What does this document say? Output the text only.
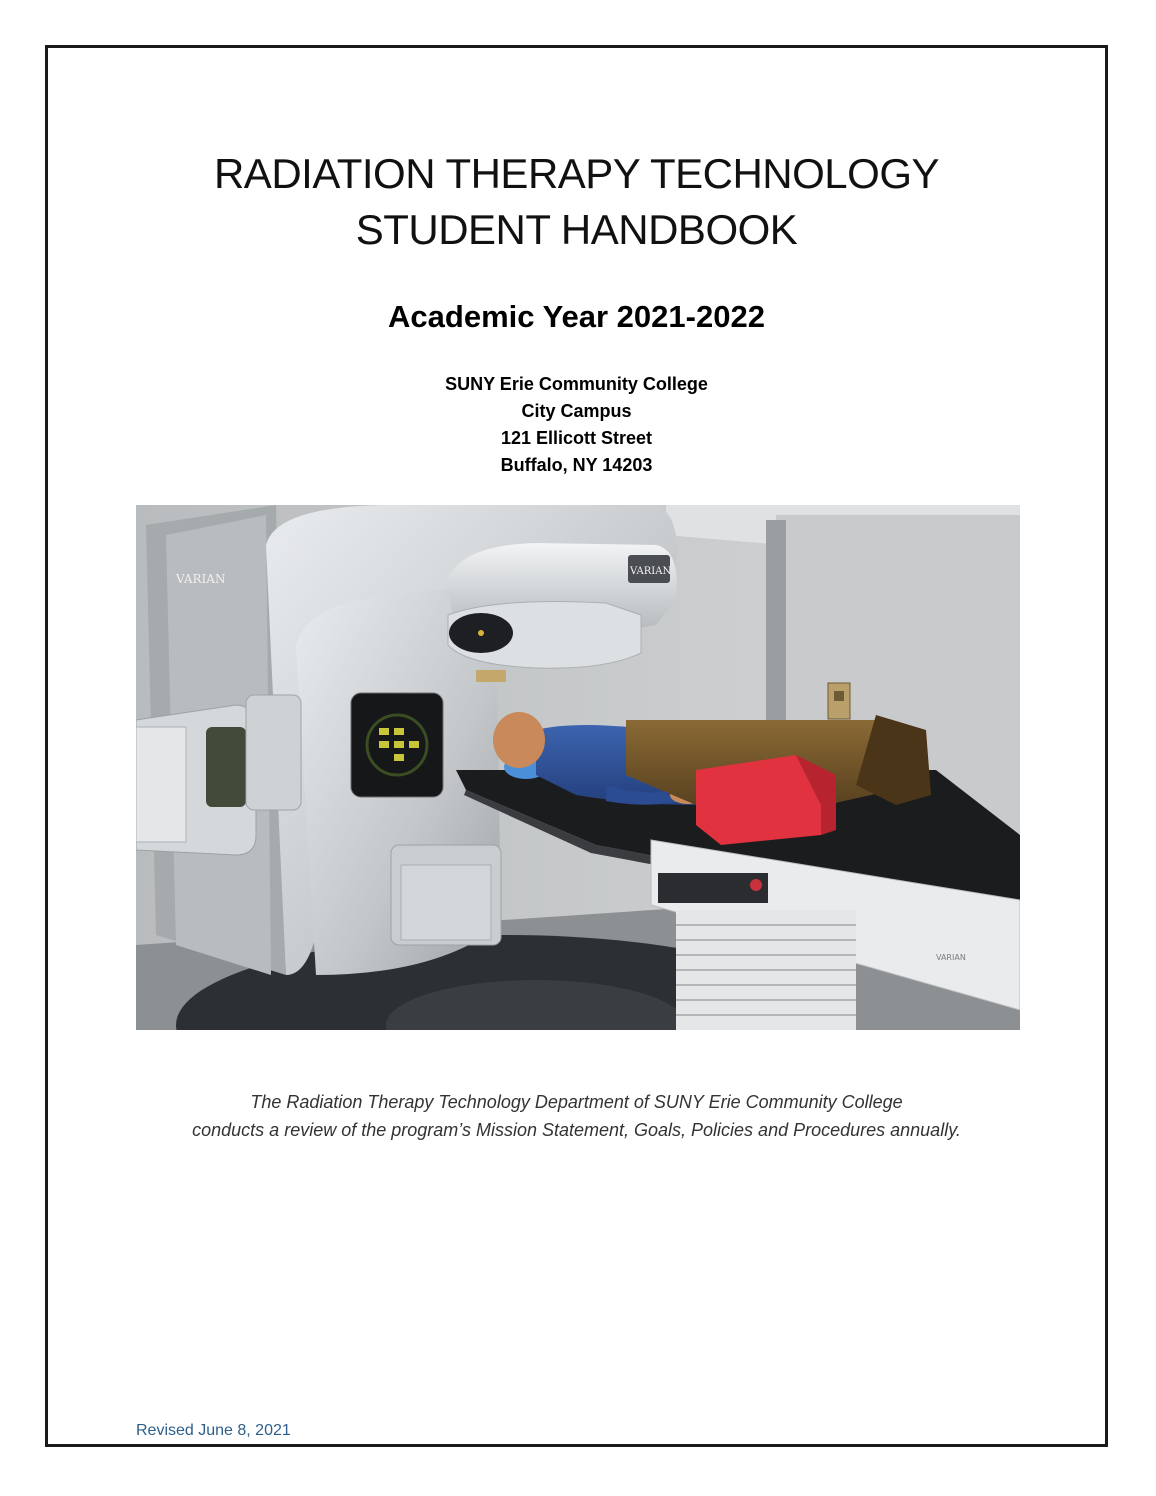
RADIATION THERAPY TECHNOLOGY
STUDENT HANDBOOK
Academic Year 2021-2022
SUNY Erie Community College
City Campus
121 Ellicott Street
Buffalo, NY 14203
VARIAN
VARIAN
VARIAN
The Radiation Therapy Technology Department of SUNY Erie Community College
conducts a review of the program’s Mission Statement, Goals, Policies and Procedures annually.
Revised June 8, 2021
